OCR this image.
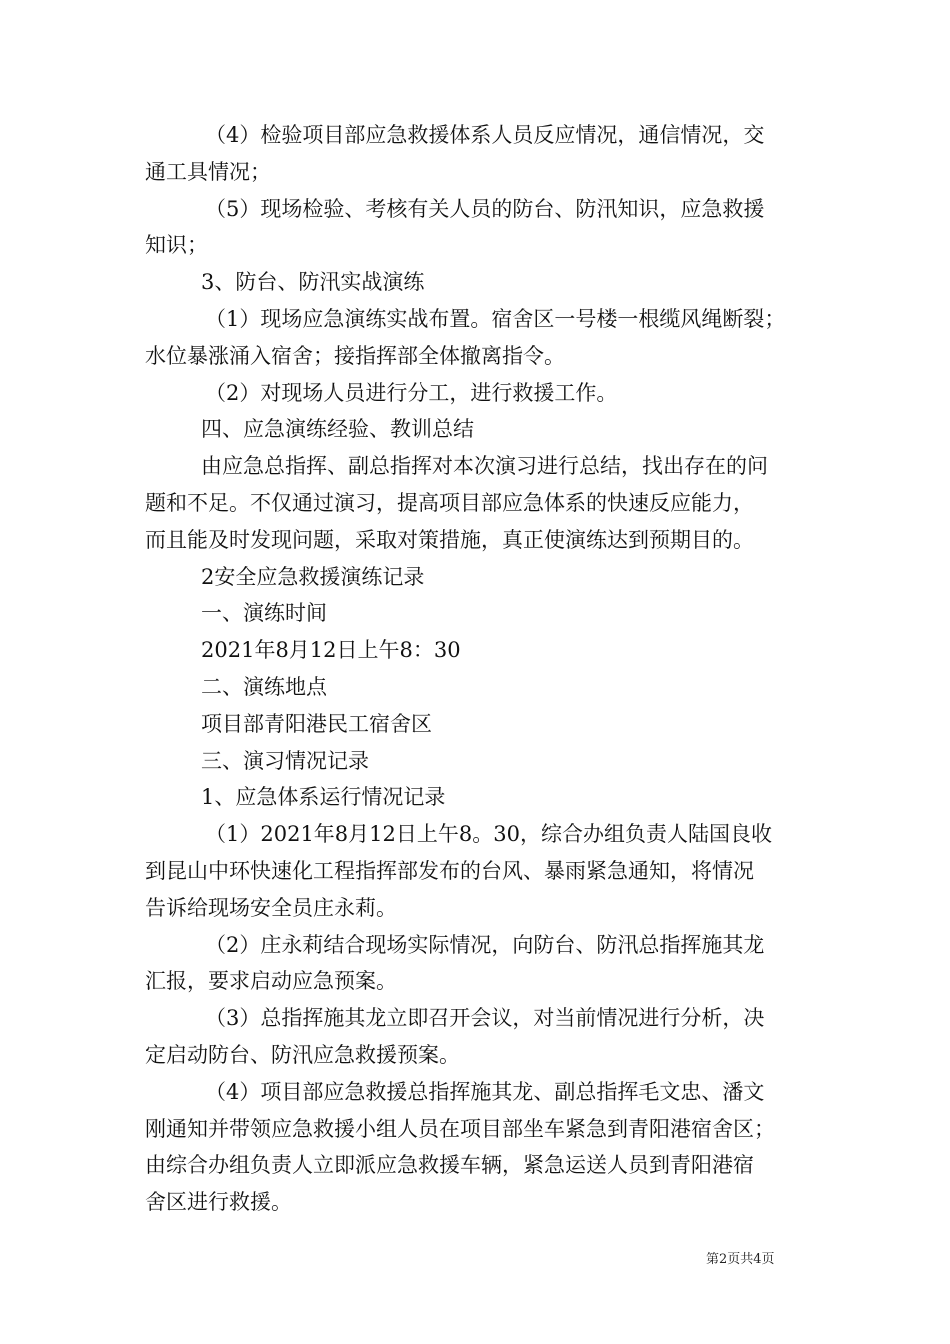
（4）检验项目部应急救援体系人员反应情况，通信情况，交

通工具情况；

（5）现场检验、考核有关人员的防台、防汛知识，应急救援

知识；

3、防台、防汛实战演练

（1）现场应急演练实战布置。宿舍区一号楼一根缆风绳断裂；

水位暴涨涌入宿舍；接指挥部全体撤离指令。

（2）对现场人员进行分工，进行救援工作。

四、应急演练经验、教训总结

由应急总指挥、副总指挥对本次演习进行总结，找出存在的问

题和不足。不仅通过演习，提高项目部应急体系的快速反应能力，

而且能及时发现问题，采取对策措施，真正使演练达到预期目的。

2安全应急救援演练记录

一、演练时间

2021年8月12日上午8：30

二、演练地点

项目部青阳港民工宿舍区

三、演习情况记录

1、应急体系运行情况记录

（1）2021年8月12日上午8。30，综合办组负责人陆国良收

到昆山中环快速化工程指挥部发布的台风、暴雨紧急通知，将情况

告诉给现场安全员庄永莉。

（2）庄永莉结合现场实际情况，向防台、防汛总指挥施其龙

汇报，要求启动应急预案。

（3）总指挥施其龙立即召开会议，对当前情况进行分析，决

定启动防台、防汛应急救援预案。

（4）项目部应急救援总指挥施其龙、副总指挥毛文忠、潘文

刚通知并带领应急救援小组人员在项目部坐车紧急到青阳港宿舍区；

由综合办组负责人立即派应急救援车辆，紧急运送人员到青阳港宿

舍区进行救援。

第2页共4页
